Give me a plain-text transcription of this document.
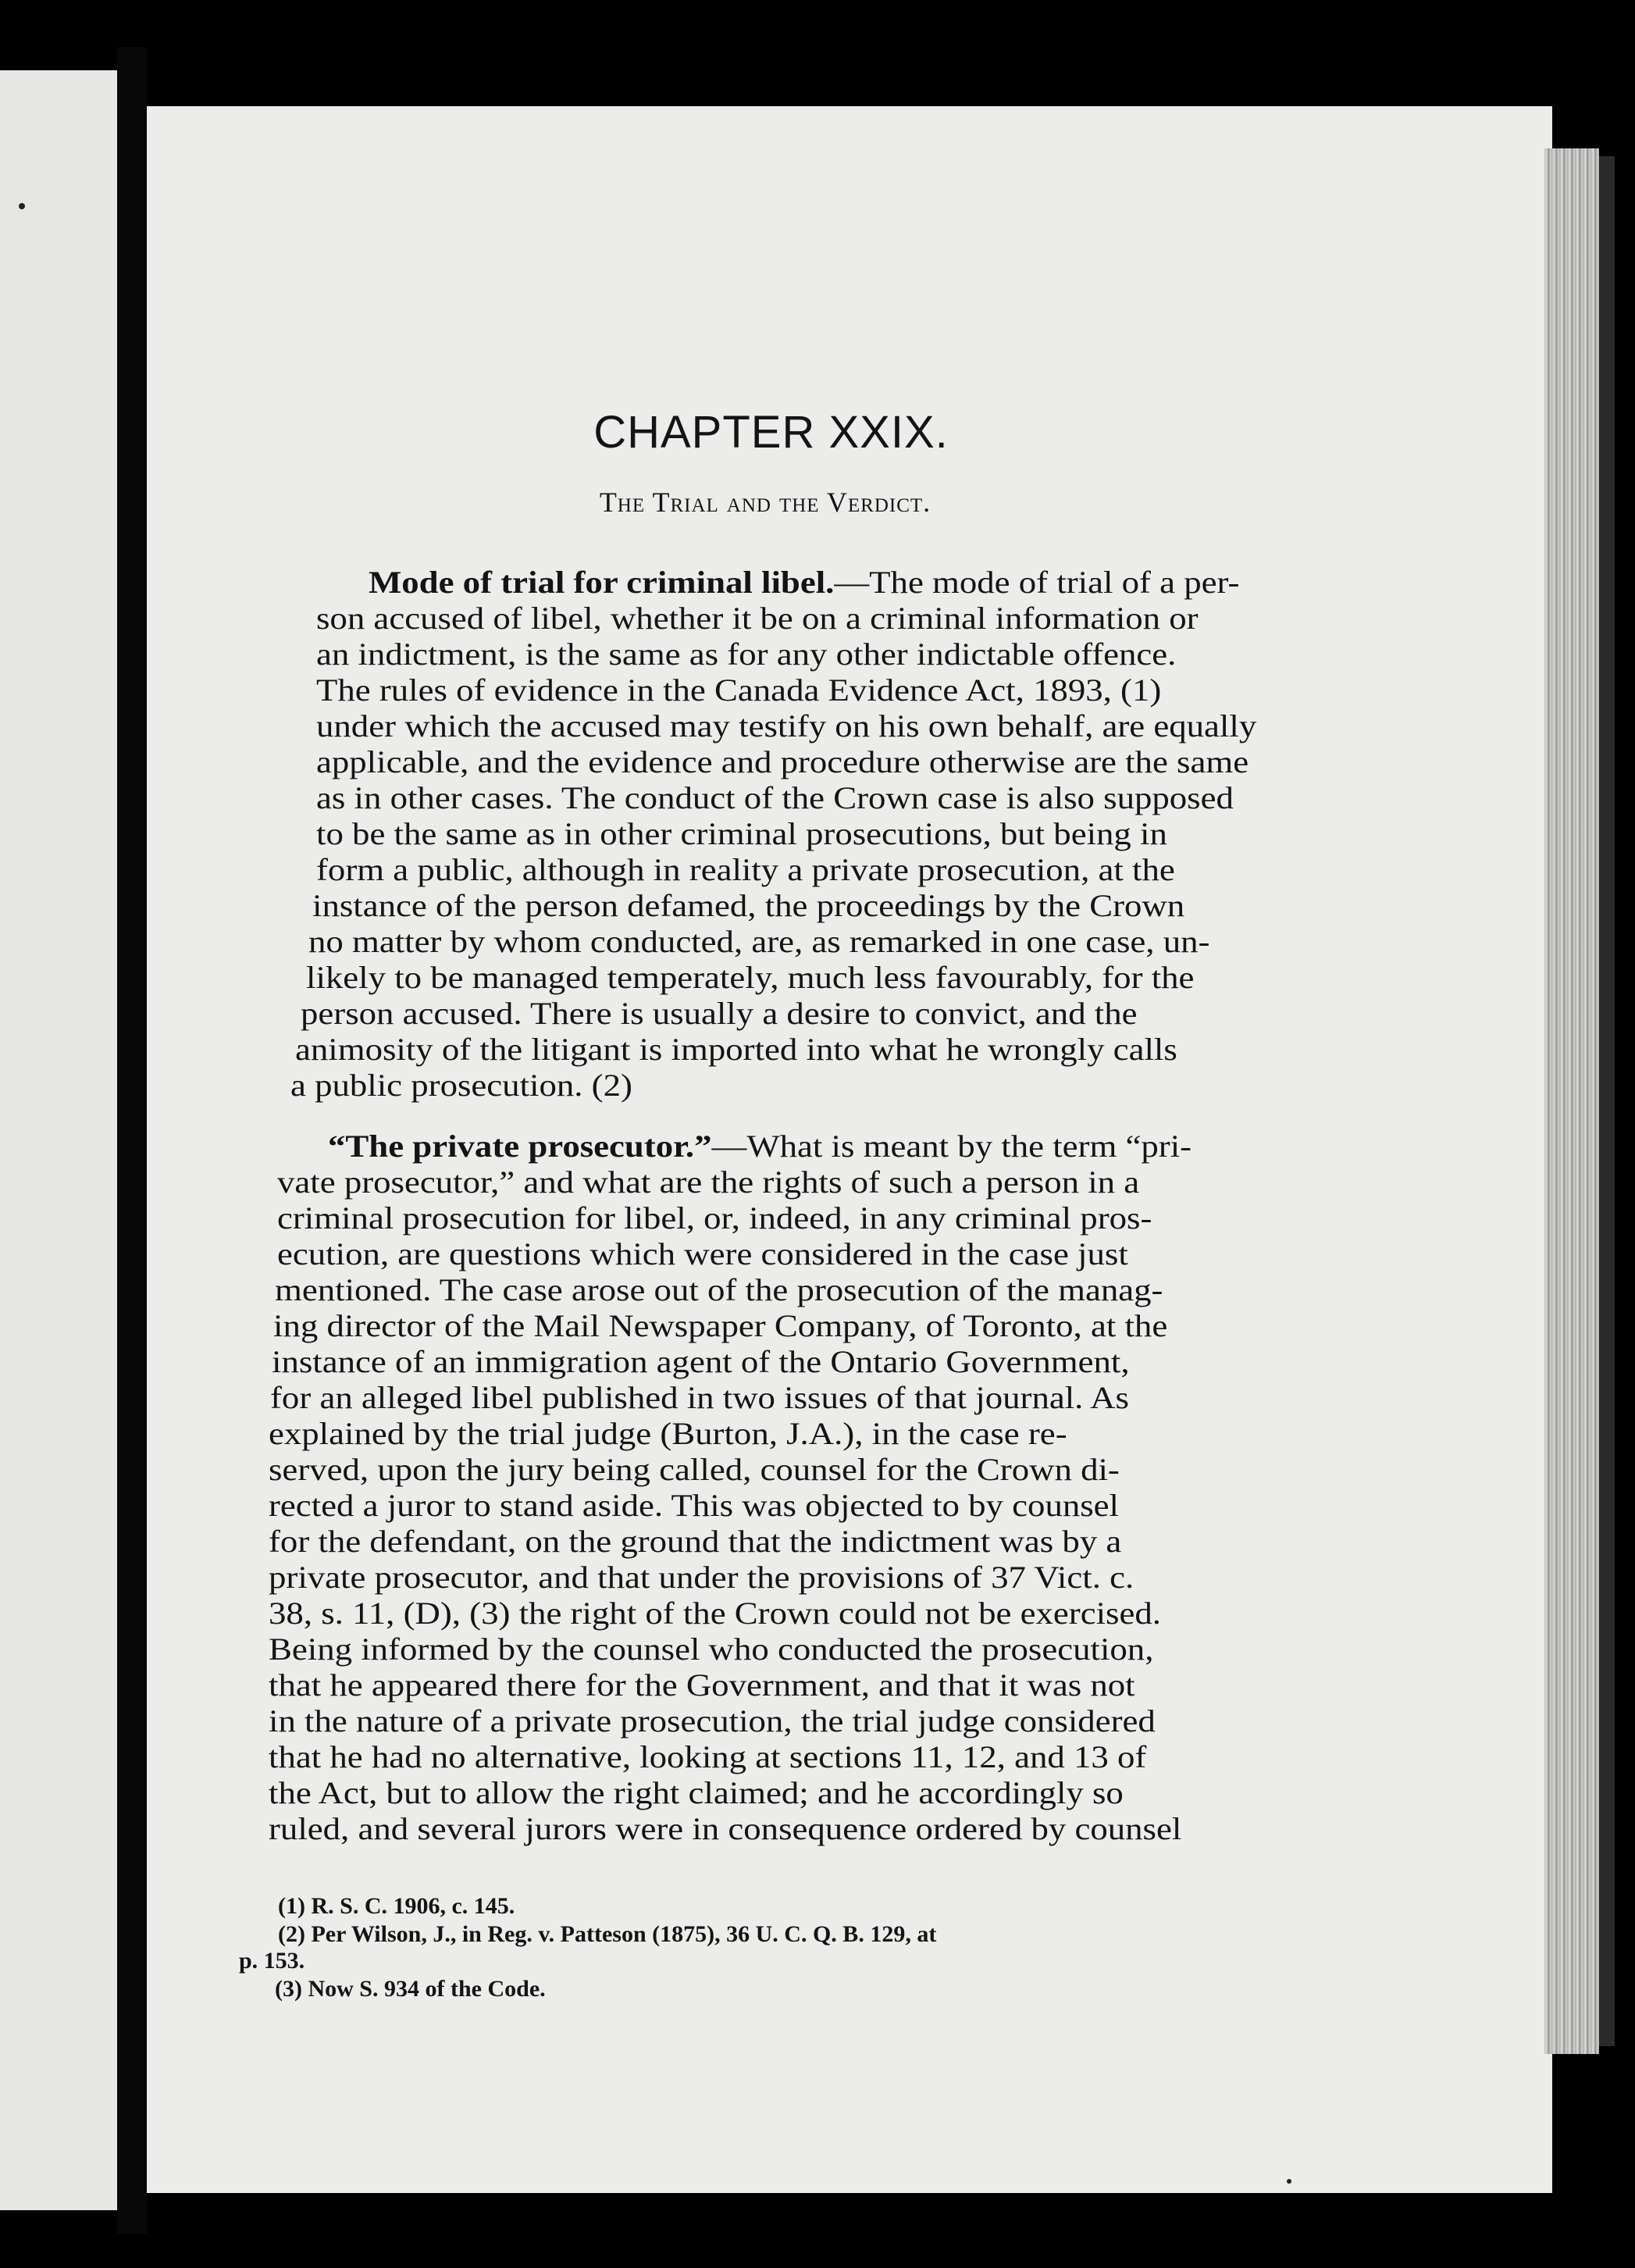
CHAPTER XXIX.
The Trial and the Verdict.
Mode of trial for criminal libel.—The mode of trial of a per-
son accused of libel, whether it be on a criminal information or
an indictment, is the same as for any other indictable offence.
The rules of evidence in the Canada Evidence Act, 1893, (1)
under which the accused may testify on his own behalf, are equally
applicable, and the evidence and procedure otherwise are the same
as in other cases. The conduct of the Crown case is also supposed
to be the same as in other criminal prosecutions, but being in
form a public, although in reality a private prosecution, at the
instance of the person defamed, the proceedings by the Crown
no matter by whom conducted, are, as remarked in one case, un-
likely to be managed temperately, much less favourably, for the
person accused. There is usually a desire to convict, and the
animosity of the litigant is imported into what he wrongly calls
a public prosecution. (2)
“The private prosecutor.”—What is meant by the term “pri-
vate prosecutor,” and what are the rights of such a person in a
criminal prosecution for libel, or, indeed, in any criminal pros-
ecution, are questions which were considered in the case just
mentioned. The case arose out of the prosecution of the manag-
ing director of the Mail Newspaper Company, of Toronto, at the
instance of an immigration agent of the Ontario Government,
for an alleged libel published in two issues of that journal. As
explained by the trial judge (Burton, J.A.), in the case re-
served, upon the jury being called, counsel for the Crown di-
rected a juror to stand aside. This was objected to by counsel
for the defendant, on the ground that the indictment was by a
private prosecutor, and that under the provisions of 37 Vict. c.
38, s. 11, (D), (3) the right of the Crown could not be exercised.
Being informed by the counsel who conducted the prosecution,
that he appeared there for the Government, and that it was not
in the nature of a private prosecution, the trial judge considered
that he had no alternative, looking at sections 11, 12, and 13 of
the Act, but to allow the right claimed; and he accordingly so
ruled, and several jurors were in consequence ordered by counsel
(1) R. S. C. 1906, c. 145.
(2) Per Wilson, J., in Reg. v. Patteson (1875), 36 U. C. Q. B. 129, at
p. 153.
(3) Now S. 934 of the Code.
